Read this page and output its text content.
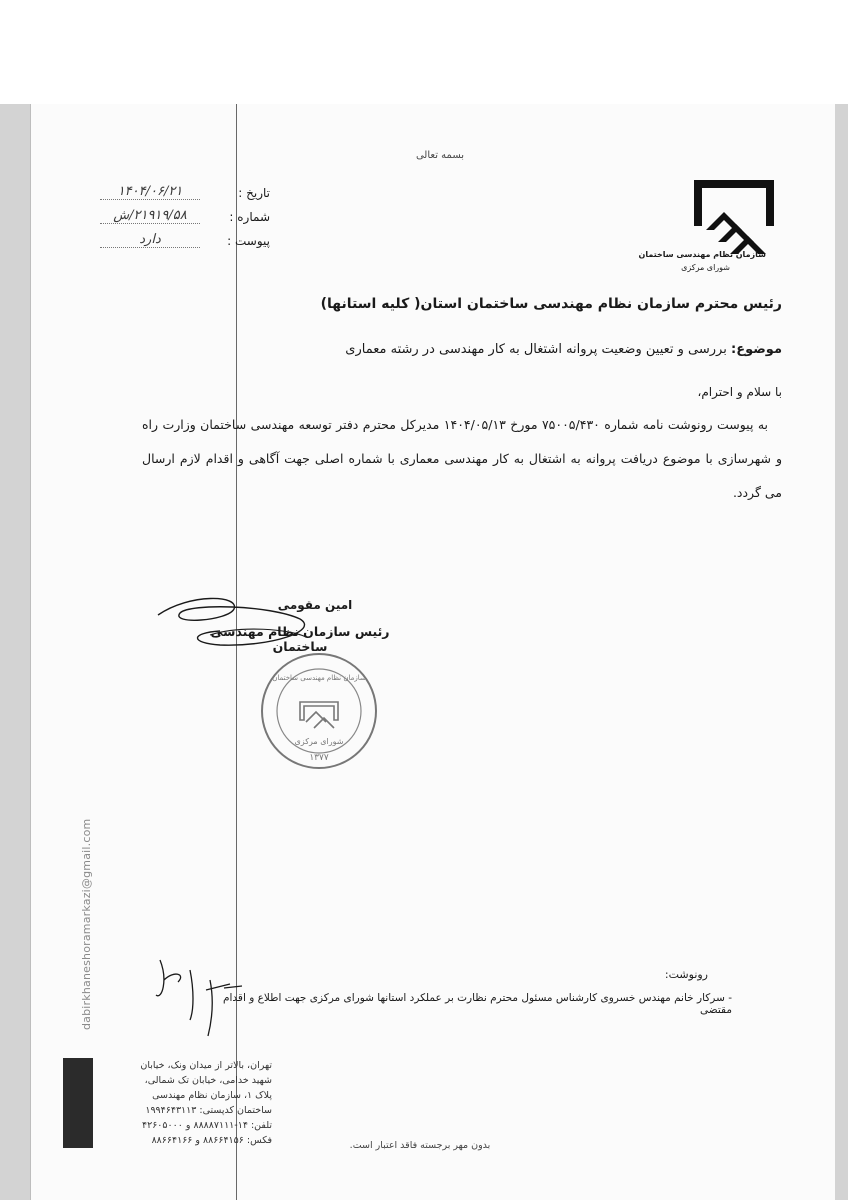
بسمه تعالی
سازمان نظام مهندسی ساختمان
شورای مرکزی
تاریخ :
۱۴۰۴/۰۶/۲۱
شماره :
۲۱۹۱۹/۵۸/ش
پیوست :
دارد
رئیس محترم سازمان نظام مهندسی ساختمان استان( کلیه استانها)
موضوع: بررسی و تعیین وضعیت پروانه اشتغال به کار مهندسی در رشته معماری
با سلام و احترام،
به پیوست رونوشت نامه شماره ۷۵۰۰۵/۴۳۰ مورخ ۱۴۰۴/۰۵/۱۳ مدیرکل محترم دفتر توسعه مهندسی ساختمان وزارت راه و شهرسازی با موضوع دریافت پروانه به اشتغال به کار مهندسی معماری با شماره اصلی جهت آگاهی و اقدام لازم ارسال می گردد.
امین مقومی
رئیس سازمان نظام مهندسی ساختمان
سازمان نظام مهندسی ساختمان
شورای مرکزی
۱۳۷۷
dabirkhaneshoramarkazi@gmail.com	رونوشت:
- سرکار خانم مهندس خسروی کارشناس مسئول محترم نظارت بر عملکرد استانها شورای مرکزی جهت اطلاع و اقدام مقتضی
تهران، بالاتر از میدان ونک، خیابان
شهید خدامی، خیابان تک شمالی،
پلاک ۱، سازمان نظام مهندسی
ساختمان کدپستی: ۱۹۹۴۶۴۳۱۱۳
تلفن: ۱۴-۸۸۸۸۷۱۱۱ و ۴۲۶۰۵۰۰۰
فکس: ۸۸۶۶۴۱۵۶ و ۸۸۶۶۴۱۶۶	بدون مهر برجسته فاقد اعتبار است.
